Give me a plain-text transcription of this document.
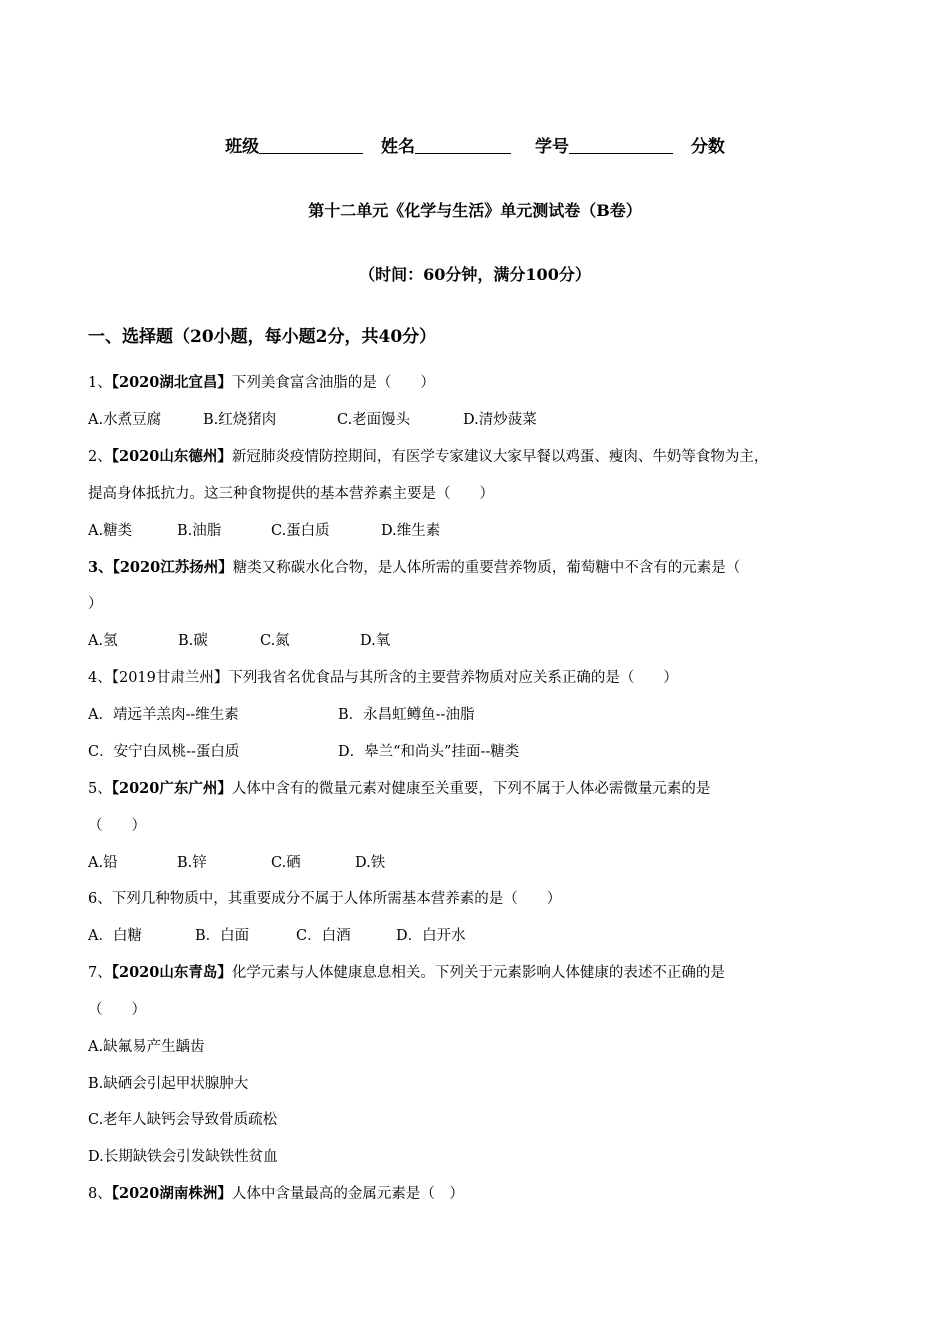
班级	姓名	学号	分数
第十二单元《化学与生活》单元测试卷（B卷）
（时间：60分钟，满分100分）
一、选择题（20小题，每小题2分，共40分）
1、【2020湖北宜昌】下列美食富含油脂的是（　　）
A.水煮豆腐	B.红烧猪肉	C.老面馒头	D.清炒菠菜
2、【2020山东德州】新冠肺炎疫情防控期间，有医学专家建议大家早餐以鸡蛋、瘦肉、牛奶等食物为主，
提高身体抵抗力。这三种食物提供的基本营养素主要是（　　）
A.糖类	B.油脂	C.蛋白质	D.维生素
3、【2020江苏扬州】糖类又称碳水化合物，是人体所需的重要营养物质，葡萄糖中不含有的元素是（
）
A.氢	B.碳	C.氮	D.氧
4、【2019甘肃兰州】下列我省名优食品与其所含的主要营养物质对应关系正确的是（　　）
A．靖远羊羔肉--维生素	B．永昌虹鳟鱼--油脂
C．安宁白凤桃--蛋白质	D．皋兰“和尚头”挂面--糖类
5、【2020广东广州】人体中含有的微量元素对健康至关重要，下列不属于人体必需微量元素的是
（　　）
A.铅	B.锌	C.硒	D.铁
6、下列几种物质中，其重要成分不属于人体所需基本营养素的是（　　）
A．白糖	B．白面	C．白酒	D．白开水
7、【2020山东青岛】化学元素与人体健康息息相关。下列关于元素影响人体健康的表述不正确的是
（　　）
A.缺氟易产生龋齿
B.缺硒会引起甲状腺肿大
C.老年人缺钙会导致骨质疏松
D.长期缺铁会引发缺铁性贫血
8、【2020湖南株洲】人体中含量最高的金属元素是（　）
